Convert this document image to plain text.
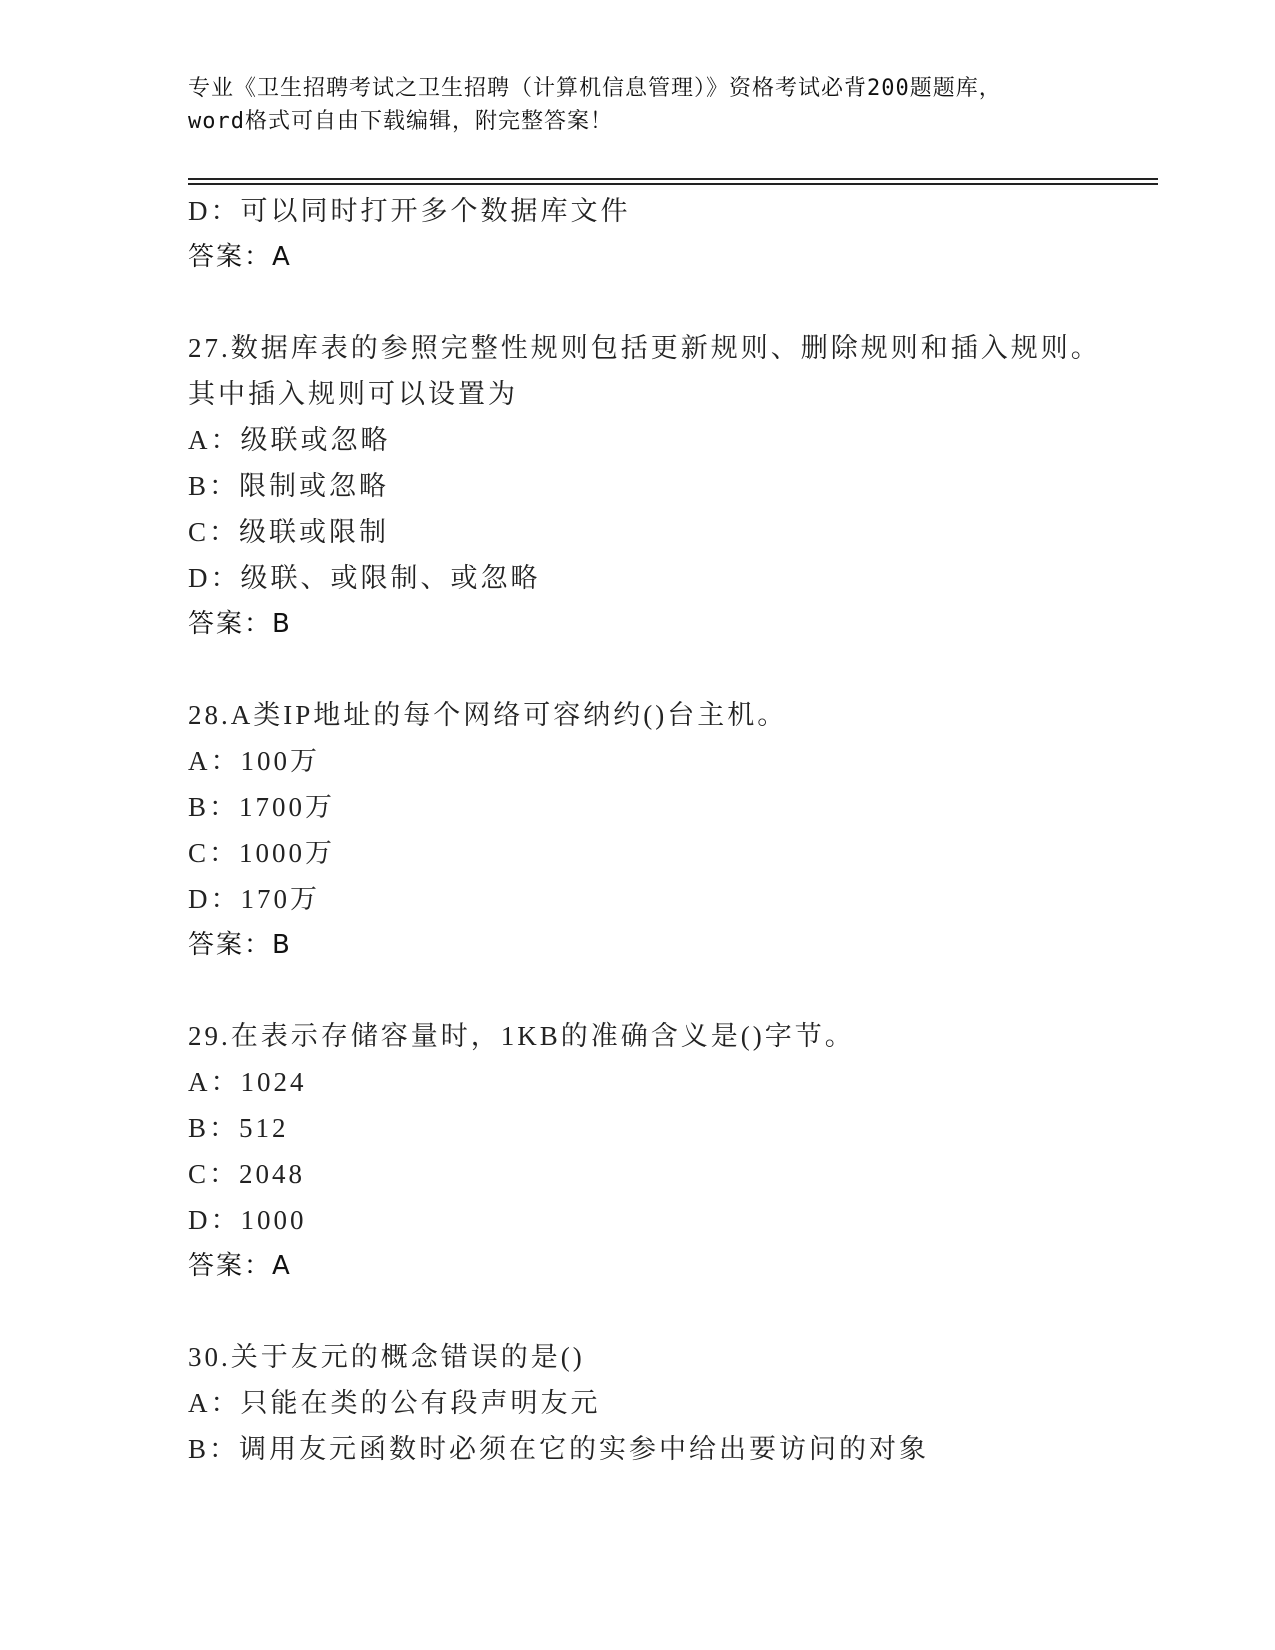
专业《卫生招聘考试之卫生招聘（计算机信息管理）》资格考试必背200题题库，
word格式可自由下载编辑，附完整答案！
D：可以同时打开多个数据库文件
答案：A
27.数据库表的参照完整性规则包括更新规则、删除规则和插入规则。
其中插入规则可以设置为
A：级联或忽略
B：限制或忽略
C：级联或限制
D：级联、或限制、或忽略
答案：B
28.A类IP地址的每个网络可容纳约()台主机。
A：100万
B：1700万
C：1000万
D：170万
答案：B
29.在表示存储容量时，1KB的准确含义是()字节。
A：1024
B：512
C：2048
D：1000
答案：A
30.关于友元的概念错误的是()
A：只能在类的公有段声明友元
B：调用友元函数时必须在它的实参中给出要访问的对象
